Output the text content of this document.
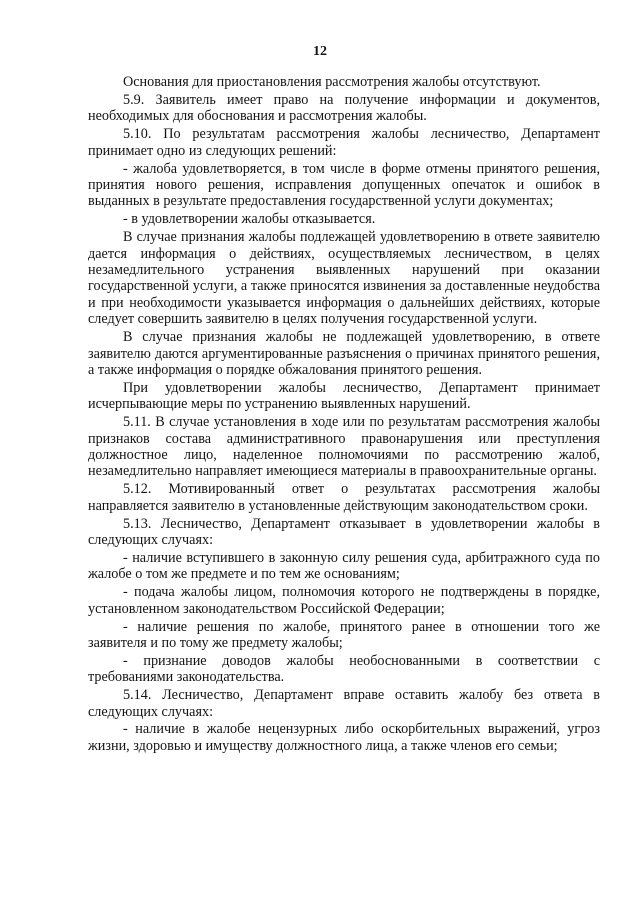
12

Основания для приостановления рассмотрения жалобы отсутствуют.

5.9. Заявитель имеет право на получение информации и документов, необходимых для обоснования и рассмотрения жалобы.

5.10. По результатам рассмотрения жалобы лесничество, Департамент принимает одно из следующих решений:

- жалоба удовлетворяется, в том числе в форме отмены принятого решения, принятия нового решения, исправления допущенных опечаток и ошибок в выданных в результате предоставления государственной услуги документах;

- в удовлетворении жалобы отказывается.

В случае признания жалобы подлежащей удовлетворению в ответе заявителю дается информация о действиях, осуществляемых лесничеством, в целях незамедлительного устранения выявленных нарушений при оказании государственной услуги, а также приносятся извинения за доставленные неудобства и при необходимости указывается информация о дальнейших действиях, которые следует совершить заявителю в целях получения государственной услуги.

В случае признания жалобы не подлежащей удовлетворению, в ответе заявителю даются аргументированные разъяснения о причинах принятого решения, а также информация о порядке обжалования принятого решения.

При удовлетворении жалобы лесничество, Департамент принимает исчерпывающие меры по устранению выявленных нарушений.

5.11. В случае установления в ходе или по результатам рассмотрения жалобы признаков состава административного правонарушения или преступления должностное лицо, наделенное полномочиями по рассмотрению жалоб, незамедлительно направляет имеющиеся материалы в правоохранительные органы.

5.12. Мотивированный ответ о результатах рассмотрения жалобы направляется заявителю в установленные действующим законодательством сроки.

5.13. Лесничество, Департамент отказывает в удовлетворении жалобы в следующих случаях:

- наличие вступившего в законную силу решения суда, арбитражного суда по жалобе о том же предмете и по тем же основаниям;

- подача жалобы лицом, полномочия которого не подтверждены в порядке, установленном законодательством Российской Федерации;

- наличие решения по жалобе, принятого ранее в отношении того же заявителя и по тому же предмету жалобы;

- признание доводов жалобы необоснованными в соответствии с требованиями законодательства.

5.14. Лесничество, Департамент вправе оставить жалобу без ответа в следующих случаях:

- наличие в жалобе нецензурных либо оскорбительных выражений, угроз жизни, здоровью и имуществу должностного лица, а также членов его семьи;
